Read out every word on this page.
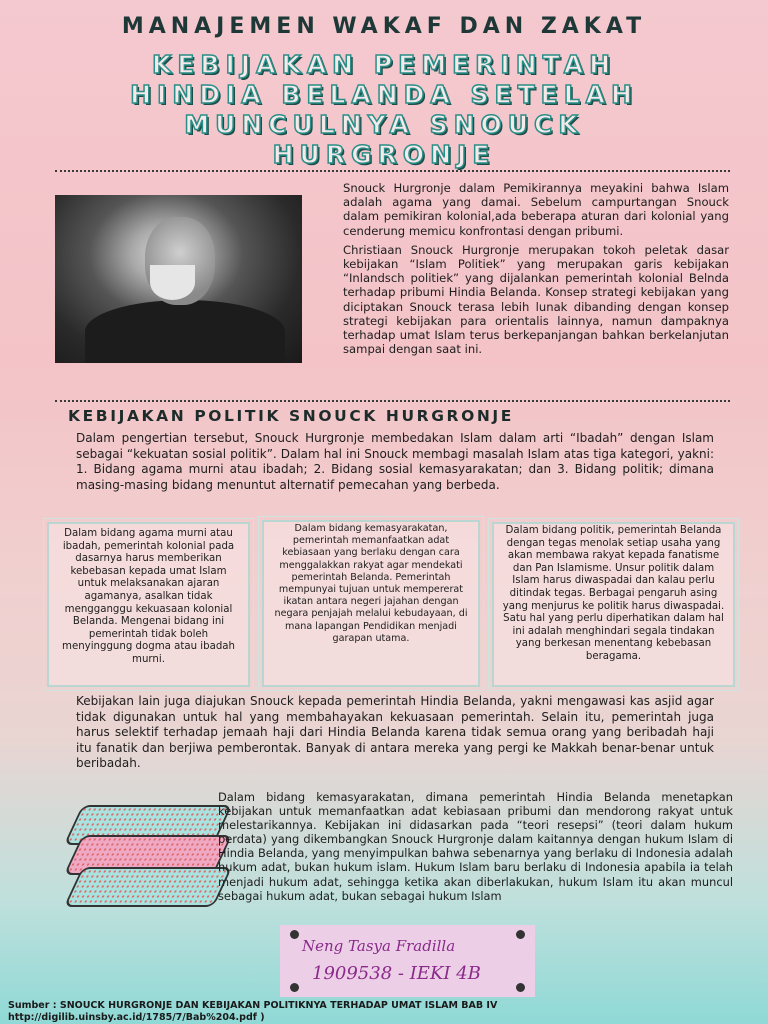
MANAJEMEN WAKAF DAN ZAKAT
KEBIJAKAN PEMERINTAH
HINDIA BELANDA SETELAH
MUNCULNYA SNOUCK
HURGRONJE

Snouck Hurgronje dalam Pemikirannya meyakini bahwa Islam adalah agama yang damai. Sebelum campurtangan Snouck dalam pemikiran kolonial,ada beberapa aturan dari kolonial yang cenderung memicu konfrontasi dengan pribumi.

Christiaan Snouck Hurgronje merupakan tokoh peletak dasar kebijakan “Islam Politiek” yang merupakan garis kebijakan “Inlandsch politiek” yang dijalankan pemerintah kolonial Belnda terhadap pribumi Hindia Belanda. Konsep strategi kebijakan yang diciptakan Snouck terasa lebih lunak dibanding dengan konsep strategi kebijakan para orientalis lainnya, namun dampaknya terhadap umat Islam terus berkepanjangan bahkan berkelanjutan sampai dengan saat ini.

KEBIJAKAN POLITIK SNOUCK HURGRONJE
Dalam pengertian tersebut, Snouck Hurgronje membedakan Islam dalam arti “Ibadah” dengan Islam sebagai “kekuatan sosial politik”. Dalam hal ini Snouck membagi masalah Islam atas tiga kategori, yakni: 1. Bidang agama murni atau ibadah; 2. Bidang sosial kemasyarakatan; dan 3. Bidang politik; dimana masing-masing bidang menuntut alternatif pemecahan yang berbeda.
Dalam bidang agama murni atau ibadah, pemerintah kolonial pada dasarnya harus memberikan kebebasan kepada umat Islam untuk melaksanakan ajaran agamanya, asalkan tidak mengganggu kekuasaan kolonial Belanda. Mengenai bidang ini pemerintah tidak boleh menyinggung dogma atau ibadah murni.
Dalam bidang kemasyarakatan, pemerintah memanfaatkan adat kebiasaan yang berlaku dengan cara menggalakkan rakyat agar mendekati pemerintah Belanda. Pemerintah mempunyai tujuan untuk mempererat ikatan antara negeri jajahan dengan negara penjajah melalui kebudayaan, di mana lapangan Pendidikan menjadi garapan utama.
Dalam bidang politik, pemerintah Belanda dengan tegas menolak setiap usaha yang akan membawa rakyat kepada fanatisme dan Pan Islamisme. Unsur politik dalam Islam harus diwaspadai dan kalau perlu ditindak tegas. Berbagai pengaruh asing yang menjurus ke politik harus diwaspadai. Satu hal yang perlu diperhatikan dalam hal ini adalah menghindari segala tindakan yang berkesan menentang kebebasan beragama.
Kebijakan lain juga diajukan Snouck kepada pemerintah Hindia Belanda, yakni mengawasi kas asjid agar tidak digunakan untuk hal yang membahayakan kekuasaan pemerintah. Selain itu, pemerintah juga harus selektif terhadap jemaah haji dari Hindia Belanda karena tidak semua orang yang beribadah haji itu fanatik dan berjiwa pemberontak. Banyak di antara mereka yang pergi ke Makkah benar-benar untuk beribadah.
Dalam bidang kemasyarakatan, dimana pemerintah Hindia Belanda menetapkan kebijakan untuk memanfaatkan adat kebiasaan pribumi dan mendorong rakyat untuk melestarikannya. Kebijakan ini didasarkan pada “teori resepsi” (teori dalam hukum perdata) yang dikembangkan Snouck Hurgronje dalam kaitannya dengan hukum Islam di Hindia Belanda, yang menyimpulkan bahwa sebenarnya yang berlaku di Indonesia adalah hukum adat, bukan hukum islam. Hukum Islam baru berlaku di Indonesia apabila ia telah menjadi hukum adat, sehingga ketika akan diberlakukan, hukum Islam itu akan muncul sebagai hukum adat, bukan sebagai hukum Islam
Neng Tasya Fradilla
1909538 - IEKI 4B
Sumber : SNOUCK HURGRONJE DAN KEBIJAKAN POLITIKNYA TERHADAP UMAT ISLAM BAB IV
http://digilib.uinsby.ac.id/1785/7/Bab%204.pdf )
